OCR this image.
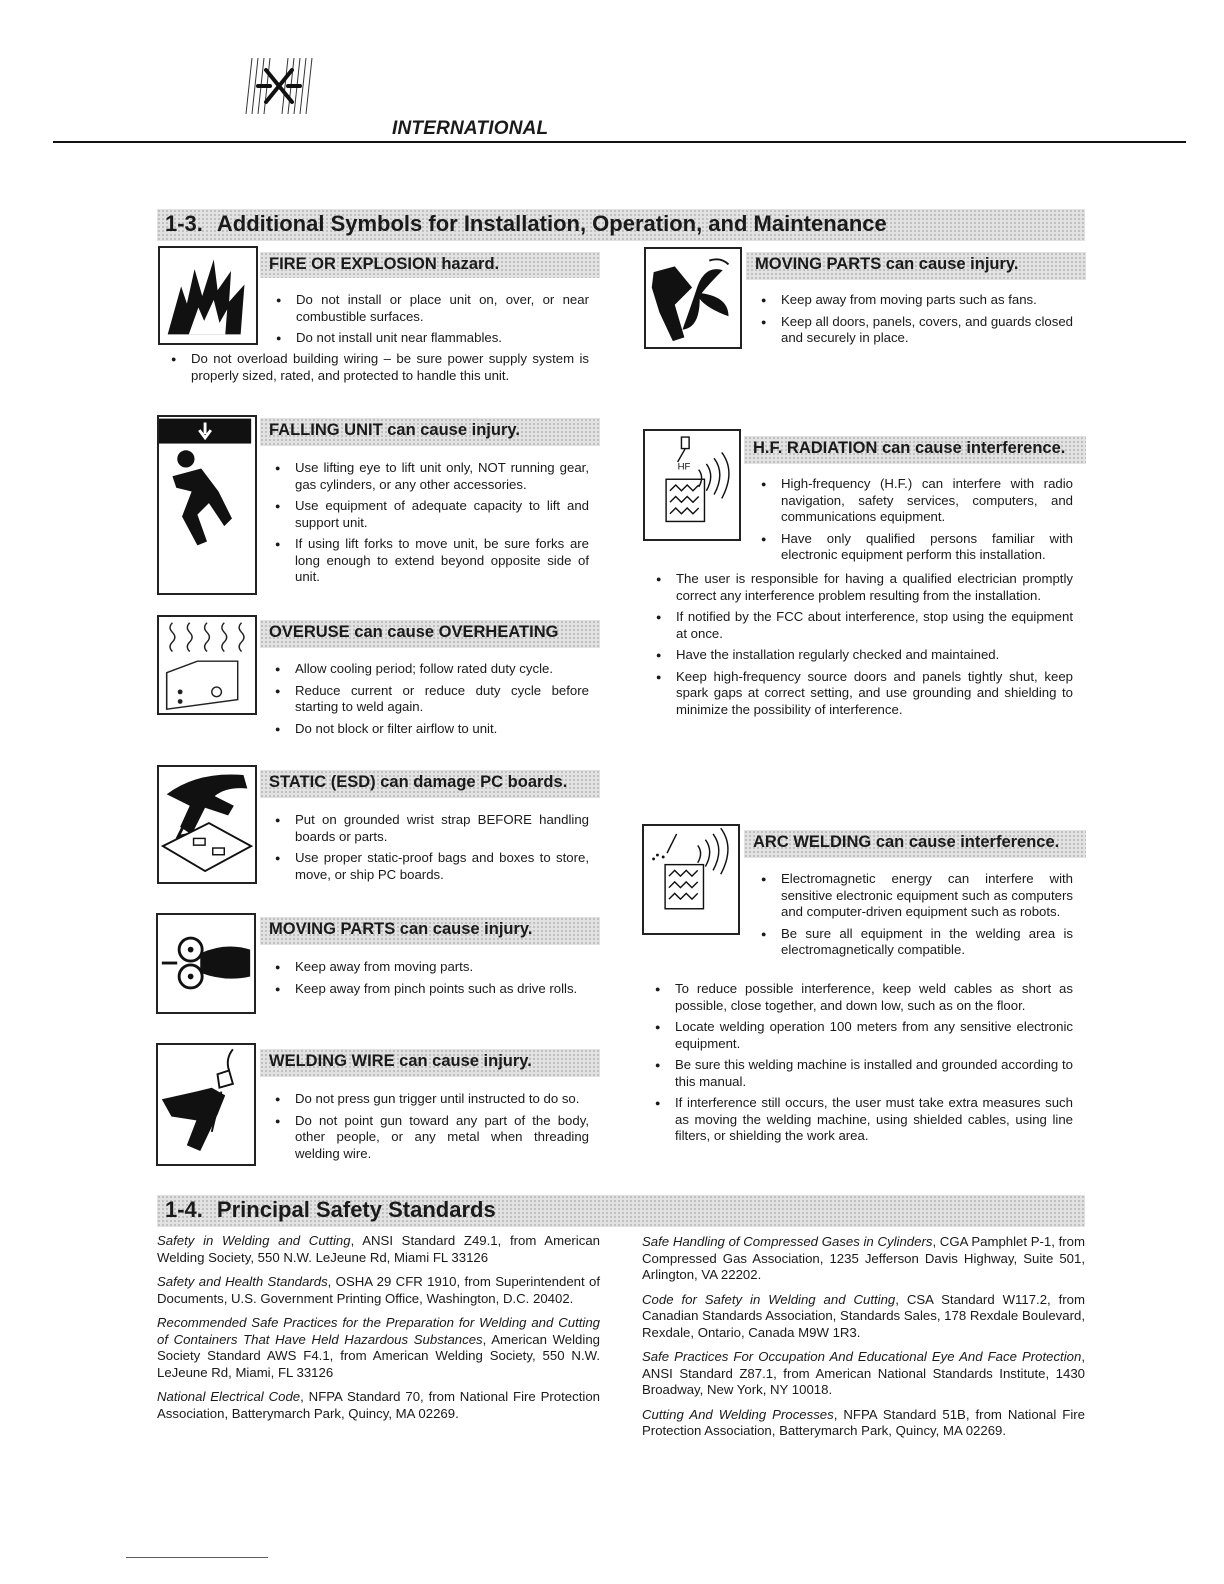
INTERNATIONAL
1-3. Additional Symbols for Installation, Operation, and Maintenance
FIRE OR EXPLOSION hazard.
● Do not install or place unit on, over, or near combustible surfaces.
● Do not install unit near flammables.
● Do not overload building wiring – be sure power supply system is properly sized, rated, and protected to handle this unit.
FALLING UNIT can cause injury.
● Use lifting eye to lift unit only, NOT running gear, gas cylinders, or any other accessories.
● Use equipment of adequate capacity to lift and support unit.
● If using lift forks to move unit, be sure forks are long enough to extend beyond opposite side of unit.
OVERUSE can cause OVERHEATING
● Allow cooling period; follow rated duty cycle.
● Reduce current or reduce duty cycle before starting to weld again.
● Do not block or filter airflow to unit.
STATIC (ESD) can damage PC boards.
● Put on grounded wrist strap BEFORE handling boards or parts.
● Use proper static-proof bags and boxes to store, move, or ship PC boards.
MOVING PARTS can cause injury.
● Keep away from moving parts.
● Keep away from pinch points such as drive rolls.
WELDING WIRE can cause injury.
● Do not press gun trigger until instructed to do so.
● Do not point gun toward any part of the body, other people, or any metal when threading welding wire.
MOVING PARTS can cause injury.
● Keep away from moving parts such as fans.
● Keep all doors, panels, covers, and guards closed and securely in place.
HF
H.F. RADIATION can cause interference.
● High-frequency (H.F.) can interfere with radio navigation, safety services, computers, and communications equipment.
● Have only qualified persons familiar with electronic equipment perform this installation.
● The user is responsible for having a qualified electrician promptly correct any interference problem resulting from the installation.
● If notified by the FCC about interference, stop using the equipment at once.
● Have the installation regularly checked and maintained.
● Keep high-frequency source doors and panels tightly shut, keep spark gaps at correct setting, and use grounding and shielding to minimize the possibility of interference.
ARC WELDING can cause interference.
● Electromagnetic energy can interfere with sensitive electronic equipment such as computers and computer-driven equipment such as robots.
● Be sure all equipment in the welding area is electromagnetically compatible.
● To reduce possible interference, keep weld cables as short as possible, close together, and down low, such as on the floor.
● Locate welding operation 100 meters from any sensitive electronic equipment.
● Be sure this welding machine is installed and grounded according to this manual.
● If interference still occurs, the user must take extra measures such as moving the welding machine, using shielded cables, using line filters, or shielding the work area.
1-4. Principal Safety Standards

Safety in Welding and Cutting, ANSI Standard Z49.1, from American Welding Society, 550 N.W. LeJeune Rd, Miami FL 33126

Safety and Health Standards, OSHA 29 CFR 1910, from Superintendent of Documents, U.S. Government Printing Office, Washington, D.C. 20402.

Recommended Safe Practices for the Preparation for Welding and Cutting of Containers That Have Held Hazardous Substances, American Welding Society Standard AWS F4.1, from American Welding Society, 550 N.W. LeJeune Rd, Miami, FL 33126

National Electrical Code, NFPA Standard 70, from National Fire Protection Association, Batterymarch Park, Quincy, MA 02269.

Safe Handling of Compressed Gases in Cylinders, CGA Pamphlet P-1, from Compressed Gas Association, 1235 Jefferson Davis Highway, Suite 501, Arlington, VA 22202.

Code for Safety in Welding and Cutting, CSA Standard W117.2, from Canadian Standards Association, Standards Sales, 178 Rexdale Boulevard, Rexdale, Ontario, Canada M9W 1R3.

Safe Practices For Occupation And Educational Eye And Face Protection, ANSI Standard Z87.1, from American National Standards Institute, 1430 Broadway, New York, NY 10018.

Cutting And Welding Processes, NFPA Standard 51B, from National Fire Protection Association, Batterymarch Park, Quincy, MA 02269.
